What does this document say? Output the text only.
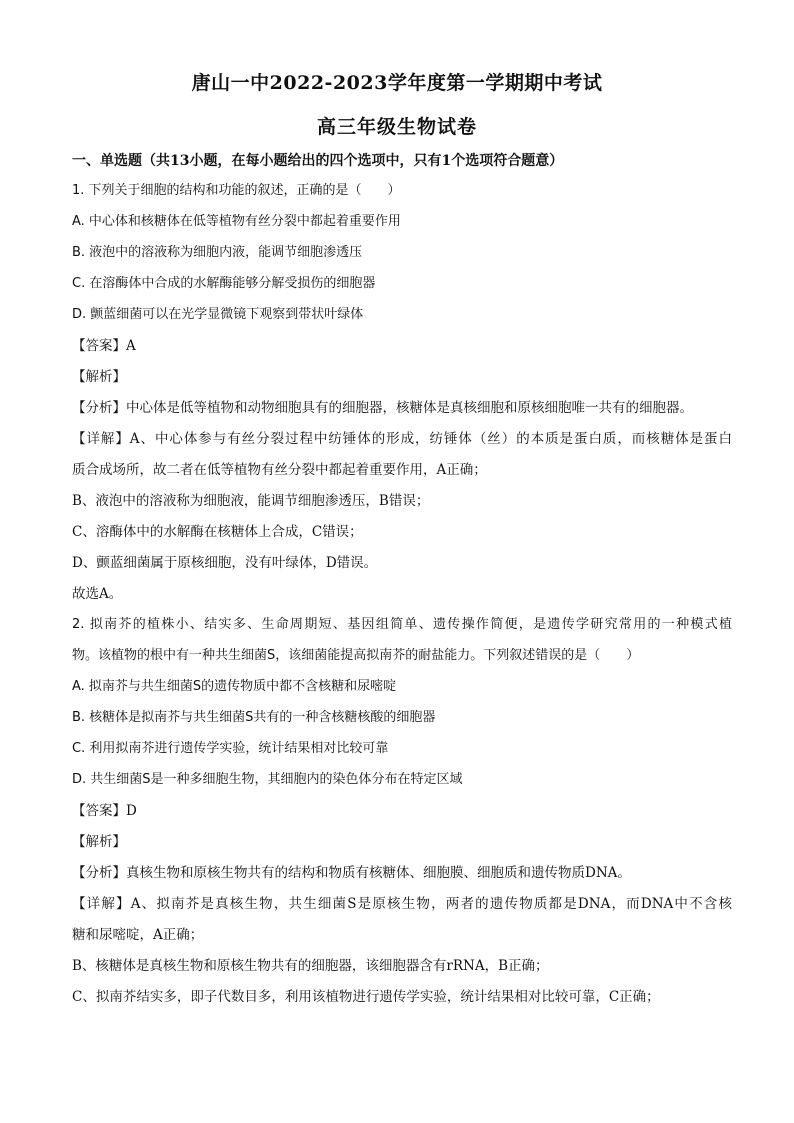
唐山一中2022-2023学年度第一学期期中考试
高三年级生物试卷
一、单选题（共13小题，在每小题给出的四个选项中，只有1个选项符合题意）
1. 下列关于细胞的结构和功能的叙述，正确的是（　　）
A. 中心体和核糖体在低等植物有丝分裂中都起着重要作用
B. 液泡中的溶液称为细胞内液，能调节细胞渗透压
C. 在溶酶体中合成的水解酶能够分解受损伤的细胞器
D. 颤蓝细菌可以在光学显微镜下观察到带状叶绿体
【答案】A
【解析】
【分析】中心体是低等植物和动物细胞具有的细胞器，核糖体是真核细胞和原核细胞唯一共有的细胞器。
【详解】A、中心体参与有丝分裂过程中纺锤体的形成，纺锤体（丝）的本质是蛋白质，而核糖体是蛋白
质合成场所，故二者在低等植物有丝分裂中都起着重要作用，A正确；
B、液泡中的溶液称为细胞液，能调节细胞渗透压，B错误；
C、溶酶体中的水解酶在核糖体上合成，C错误；
D、颤蓝细菌属于原核细胞，没有叶绿体，D错误。
故选A。
2. 拟南芥的植株小、结实多、生命周期短、基因组简单、遗传操作简便，是遗传学研究常用的一种模式植
物。该植物的根中有一种共生细菌S，该细菌能提高拟南芥的耐盐能力。下列叙述错误的是（　　）
A. 拟南芥与共生细菌S的遗传物质中都不含核糖和尿嘧啶
B. 核糖体是拟南芥与共生细菌S共有的一种含核糖核酸的细胞器
C. 利用拟南芥进行遗传学实验，统计结果相对比较可靠
D. 共生细菌S是一种多细胞生物，其细胞内的染色体分布在特定区域
【答案】D
【解析】
【分析】真核生物和原核生物共有的结构和物质有核糖体、细胞膜、细胞质和遗传物质DNA。
【详解】A、拟南芥是真核生物，共生细菌S是原核生物，两者的遗传物质都是DNA，而DNA中不含核
糖和尿嘧啶，A正确；
B、核糖体是真核生物和原核生物共有的细胞器，该细胞器含有rRNA，B正确；
C、拟南芥结实多，即子代数目多，利用该植物进行遗传学实验，统计结果相对比较可靠，C正确；
